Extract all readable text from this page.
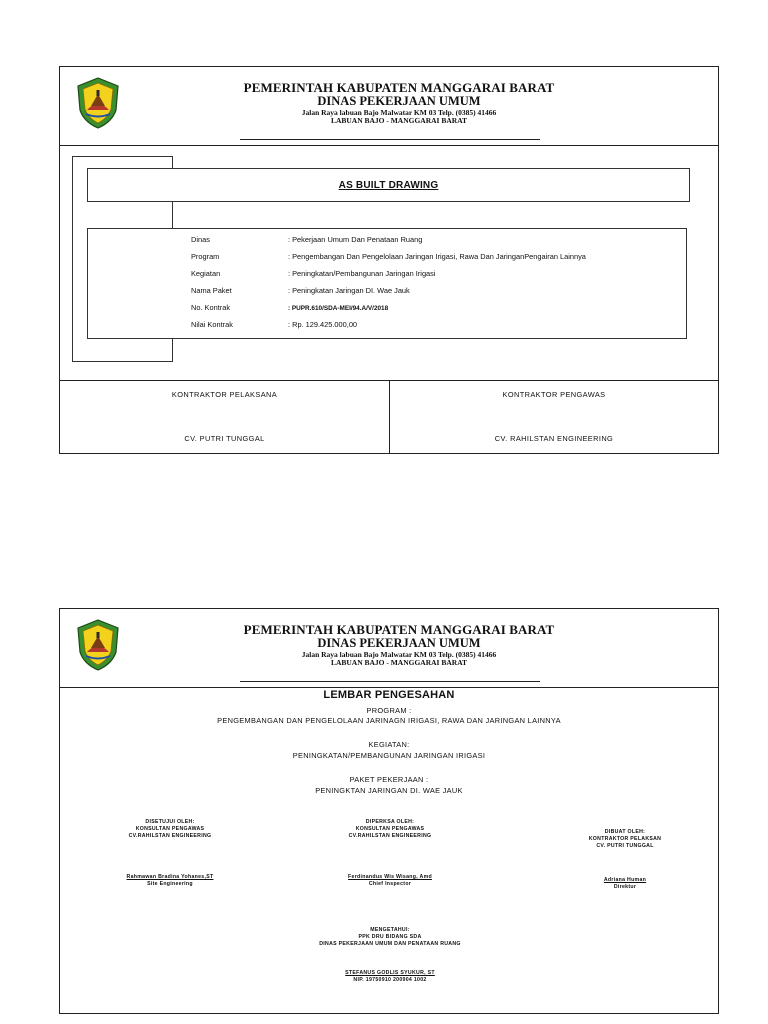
PEMERINTAH KABUPATEN MANGGARAI BARAT
DINAS PEKERJAAN UMUM
Jalan Raya labuan Bajo Malwatar KM 03 Telp. (0385) 41466
LABUAN BAJO - MANGGARAI BARAT
AS BUILT DRAWING
Dinas	: Pekerjaan Umum Dan Penataan Ruang
Program	: Pengembangan Dan Pengelolaan Jaringan Irigasi, Rawa Dan JaringanPengairan Lainnya
Kegiatan	: Peningkatan/Pembangunan Jaringan Irigasi
Nama Paket	: Peningkatan Jaringan DI. Wae Jauk
No. Kontrak	: PUPR.610/SDA-MEI/94.A/V/2018
Nilai Kontrak	: Rp. 129.425.000,00
KONTRAKTOR PELAKSANA
CV. PUTRI TUNGGAL
KONTRAKTOR PENGAWAS
CV. RAHILSTAN ENGINEERING
PEMERINTAH KABUPATEN MANGGARAI BARAT
DINAS PEKERJAAN UMUM
Jalan Raya labuan Bajo Malwatar KM 03 Telp. (0385) 41466
LABUAN BAJO - MANGGARAI BARAT
LEMBAR PENGESAHAN
PROGRAM :
PENGEMBANGAN DAN PENGELOLAAN JARINAGN IRIGASI, RAWA DAN JARINGAN LAINNYA
KEGIATAN:
PENINGKATAN/PEMBANGUNAN JARINGAN IRIGASI
PAKET PEKERJAAN :
PENINGKTAN JARINGAN DI. WAE JAUK
DISETUJUI OLEH:
KONSULTAN PENGAWAS
CV.RAHILSTAN ENGINEERING
Rahmawan Bradina Yohanes,ST
Site Engineering
DIPERKSA OLEH:
KONSULTAN PENGAWAS
CV.RAHILSTAN ENGINEERING
Ferdinandus Wis Wisang, Amd
Chief Inspector
DIBUAT OLEH:
KONTRAKTOR PELAKSAN
CV. PUTRI TUNGGAL
Adriana Human
Direktur
MENGETAHUI:
PPK DRU BIDANG SDA
DINAS PEKERJAAN UMUM DAN PENATAAN RUANG
STEFANUS GODLIS SYUKUR, ST
NIP. 19750910 200904 1002
